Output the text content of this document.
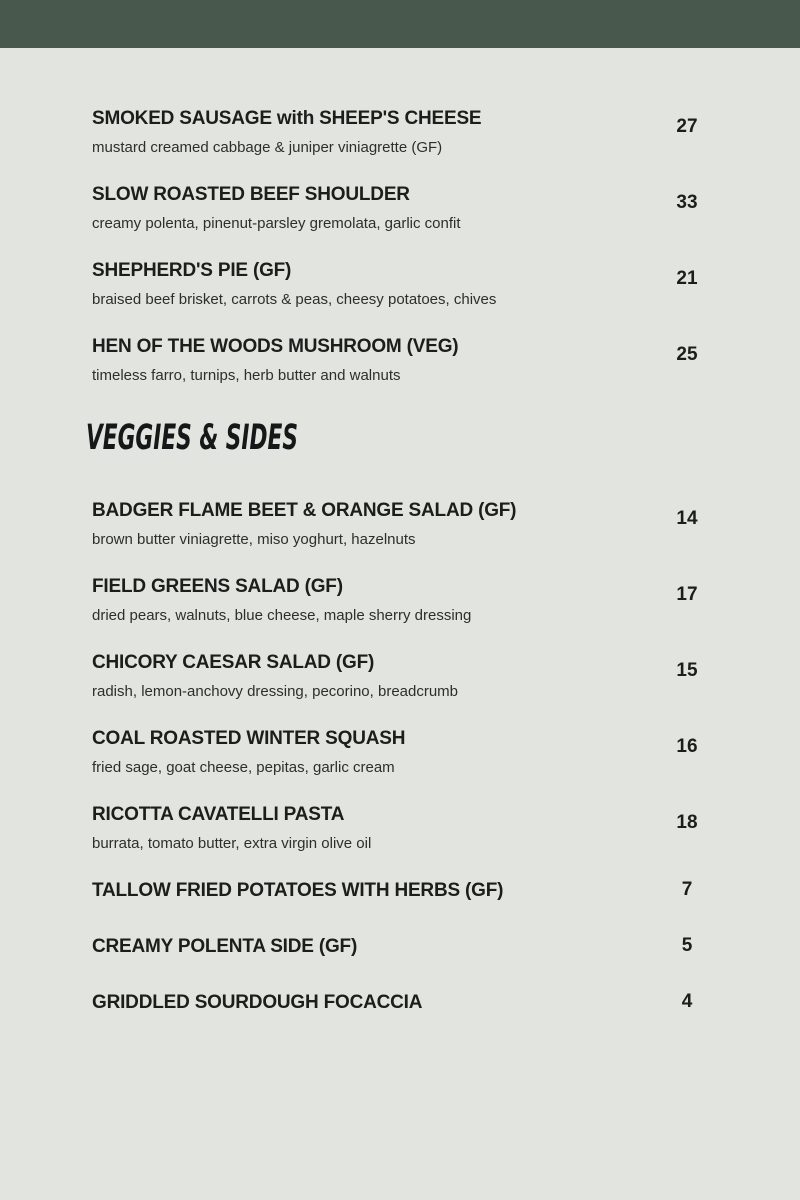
SMOKED SAUSAGE with SHEEP'S CHEESE
mustard creamed cabbage & juniper viniagrette (GF)
27
SLOW ROASTED BEEF SHOULDER
creamy polenta, pinenut-parsley gremolata, garlic confit
33
SHEPHERD'S PIE (GF)
braised beef brisket, carrots & peas, cheesy potatoes, chives
21
HEN OF THE WOODS MUSHROOM (VEG)
timeless farro, turnips, herb butter and walnuts
25
VEGGIES & SIDES
BADGER FLAME BEET & ORANGE SALAD (GF)
brown butter viniagrette, miso yoghurt, hazelnuts
14
FIELD GREENS SALAD (GF)
dried pears, walnuts, blue cheese, maple sherry dressing
17
CHICORY CAESAR SALAD (GF)
radish, lemon-anchovy dressing, pecorino, breadcrumb
15
COAL ROASTED WINTER SQUASH
fried sage, goat cheese, pepitas, garlic cream
16
RICOTTA CAVATELLI PASTA
burrata, tomato butter, extra virgin olive oil
18
TALLOW FRIED POTATOES WITH HERBS (GF)	7
CREAMY POLENTA SIDE (GF)	5
GRIDDLED SOURDOUGH FOCACCIA	4
